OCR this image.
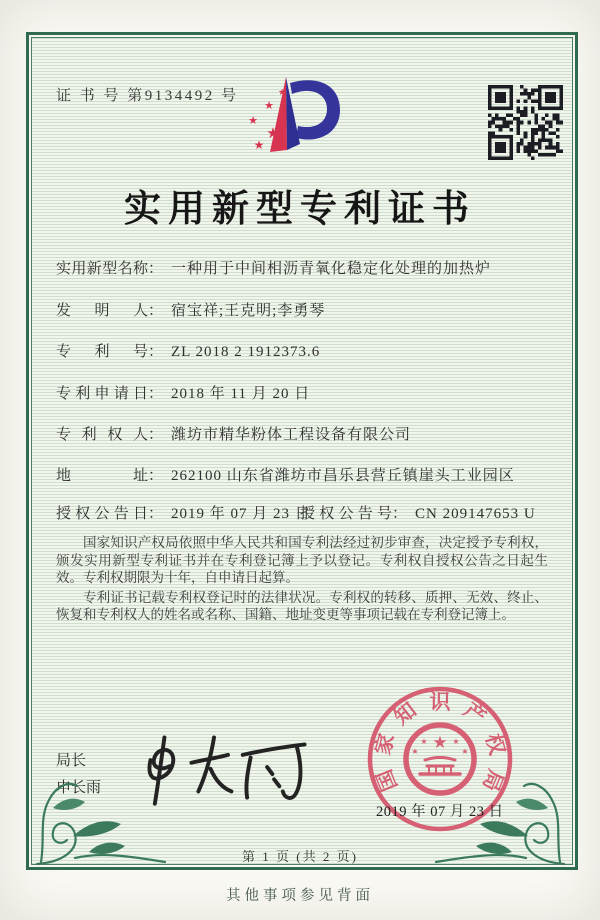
证 书 号 第9134492 号	★
★
★
★
★
★
实用新型专利证书
实用新型名称： 一种用于中间相沥青氧化稳定化处理的加热炉
发明人： 宿宝祥;王克明;李勇琴
专利号： ZL 2018 2 1912373.6
专利申请日： 2018 年 11 月 20 日
专利权人： 潍坊市精华粉体工程设备有限公司
地址： 262100 山东省潍坊市昌乐县营丘镇崖头工业园区
授权公告日： 2019 年 07 月 23 日
授权公告号： CN 209147653 U

国家知识产权局依照中华人民共和国专利法经过初步审查，决定授予专利权，颁发实用新型专利证书并在专利登记簿上予以登记。专利权自授权公告之日起生效。专利权期限为十年，自申请日起算。

专利证书记载专利权登记时的法律状况。专利权的转移、质押、无效、终止、恢复和专利权人的姓名或名称、国籍、地址变更等事项记载在专利登记簿上。

局长
申长雨	国
家
知 识 产
权
局
★
★
★
★
★
2019 年 07 月 23 日
第 1 页 (共 2 页)
其他事项参见背面
